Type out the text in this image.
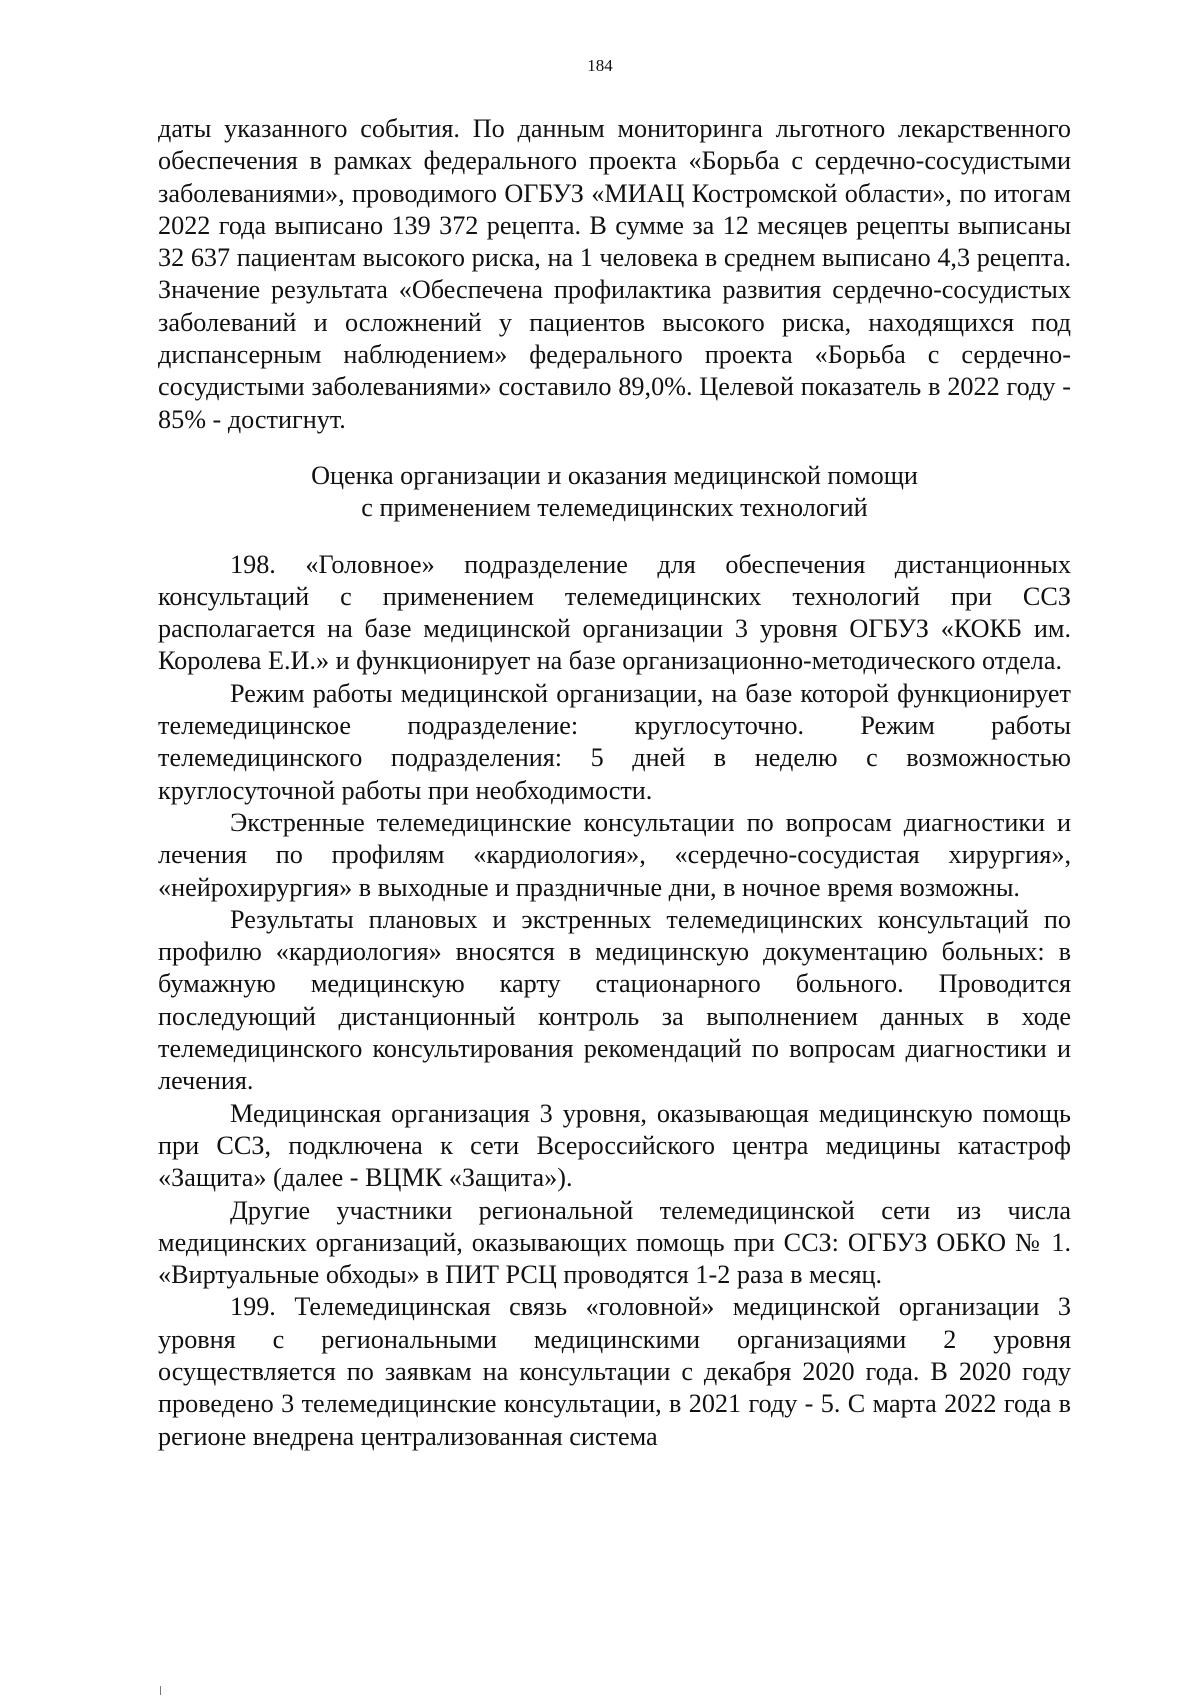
184

даты указанного события. По данным мониторинга льготного лекарственного обеспечения в рамках федерального проекта «Борьба с сердечно-сосудистыми заболеваниями», проводимого ОГБУЗ «МИАЦ Костромской области», по итогам 2022 года выписано 139 372 рецепта. В сумме за 12 месяцев рецепты выписаны 32 637 пациентам высокого риска, на 1 человека в среднем выписано 4,3 рецепта. Значение результата «Обеспечена профилактика развития сердечно-сосудистых заболеваний и осложнений у пациентов высокого риска, находящихся под диспансерным наблюдением» федерального проекта «Борьба с сердечно-сосудистыми заболеваниями» составило 89,0%. Целевой показатель в 2022 году - 85% - достигнут.

Оценка организации и оказания медицинской помощи
с применением телемедицинских технологий

198. «Головное» подразделение для обеспечения дистанционных консультаций с применением телемедицинских технологий при ССЗ располагается на базе медицинской организации 3 уровня ОГБУЗ «КОКБ им. Королева Е.И.» и функционирует на базе организационно-методического отдела.

Режим работы медицинской организации, на базе которой функционирует телемедицинское подразделение: круглосуточно. Режим работы телемедицинского подразделения: 5 дней в неделю с возможностью круглосуточной работы при необходимости.

Экстренные телемедицинские консультации по вопросам диагностики и лечения по профилям «кардиология», «сердечно-сосудистая хирургия», «нейрохирургия» в выходные и праздничные дни, в ночное время возможны.

Результаты плановых и экстренных телемедицинских консультаций по профилю «кардиология» вносятся в медицинскую документацию больных: в бумажную медицинскую карту стационарного больного. Проводится последующий дистанционный контроль за выполнением данных в ходе телемедицинского консультирования рекомендаций по вопросам диагностики и лечения.

Медицинская организация 3 уровня, оказывающая медицинскую помощь при ССЗ, подключена к сети Всероссийского центра медицины катастроф «Защита» (далее - ВЦМК «Защита»).

Другие участники региональной телемедицинской сети из числа медицинских организаций, оказывающих помощь при ССЗ: ОГБУЗ ОБКО № 1. «Виртуальные обходы» в ПИТ РСЦ проводятся 1-2 раза в месяц.

199. Телемедицинская связь «головной» медицинской организации 3 уровня с региональными медицинскими организациями 2 уровня осуществляется по заявкам на консультации с декабря 2020 года. В 2020 году проведено 3 телемедицинские консультации, в 2021 году - 5. С марта 2022 года в регионе внедрена централизованная система
